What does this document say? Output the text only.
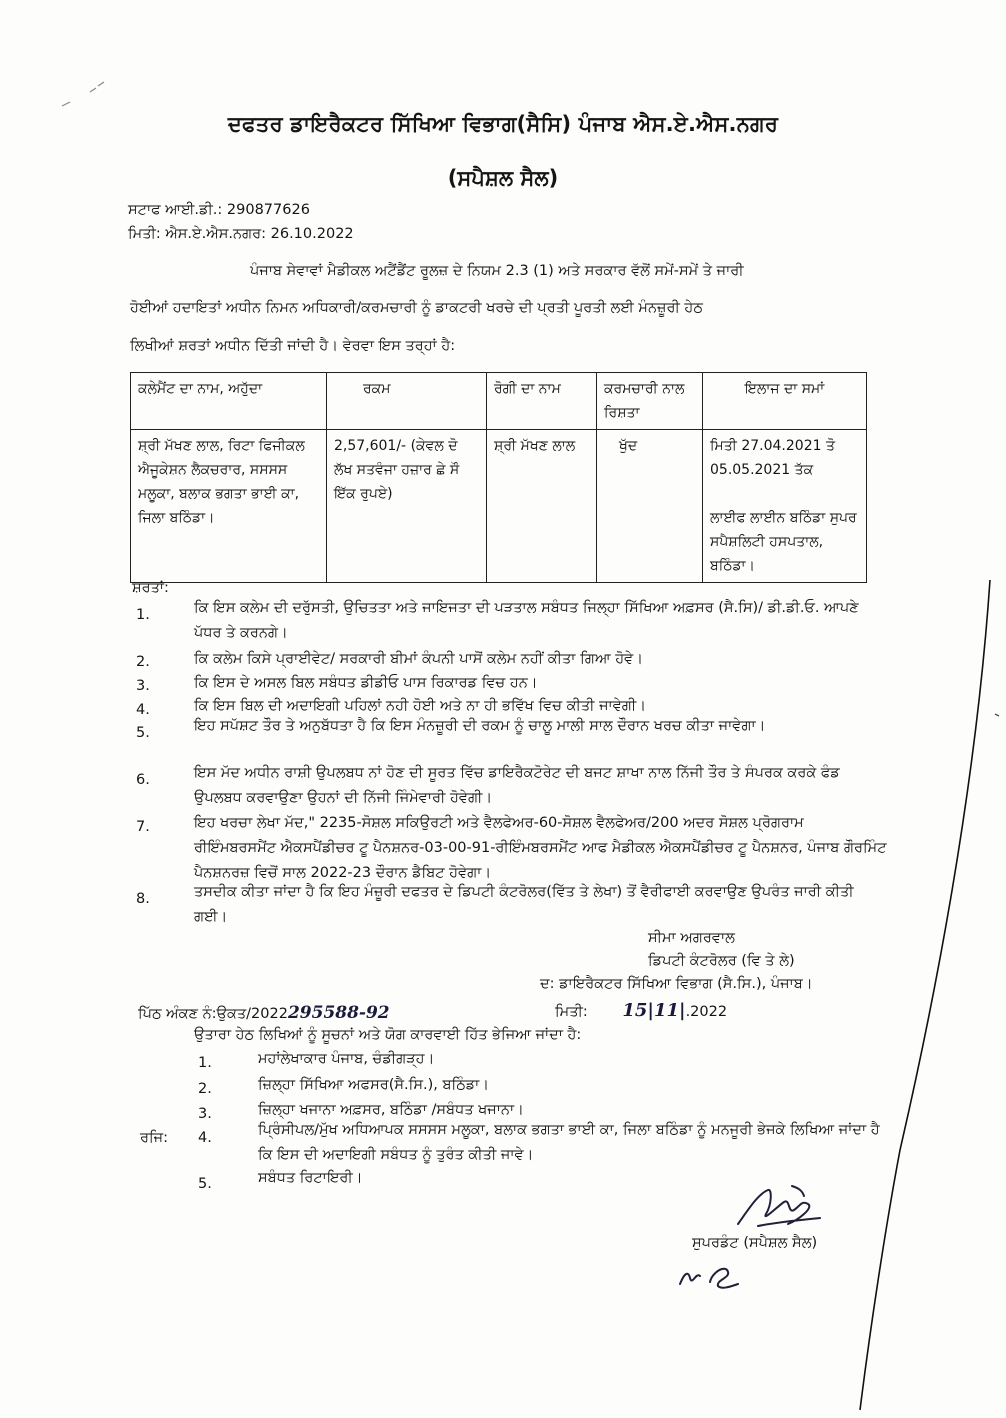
ਦਫਤਰ ਡਾਇਰੈਕਟਰ ਸਿੱਖਿਆ ਵਿਭਾਗ(ਸੈਸਿ) ਪੰਜਾਬ ਐਸ.ਏ.ਐਸ.ਨਗਰ
(ਸਪੈਸ਼ਲ ਸੈਲ)
ਸਟਾਫ ਆਈ.ਡੀ.: 290877626
ਮਿਤੀ: ਐਸ.ਏ.ਐਸ.ਨਗਰ: 26.10.2022
ਪੰਜਾਬ ਸੇਵਾਵਾਂ ਮੈਡੀਕਲ ਅਟੈਂਡੈਂਟ ਰੂਲਜ਼ ਦੇ ਨਿਯਮ 2.3 (1) ਅਤੇ ਸਰਕਾਰ ਵੱਲੋਂ ਸਮੇਂ-ਸਮੇਂ ਤੇ ਜਾਰੀ
ਹੋਈਆਂ ਹਦਾਇਤਾਂ ਅਧੀਨ ਨਿਮਨ ਅਧਿਕਾਰੀ/ਕਰਮਚਾਰੀ ਨੂੰ ਡਾਕਟਰੀ ਖਰਚੇ ਦੀ ਪ੍ਰਤੀ ਪੂਰਤੀ ਲਈ ਮੰਨਜ਼ੂਰੀ ਹੇਠ
ਲਿਖੀਆਂ ਸ਼ਰਤਾਂ ਅਧੀਨ ਦਿੱਤੀ ਜਾਂਦੀ ਹੈ। ਵੇਰਵਾ ਇਸ ਤਰ੍ਹਾਂ ਹੈ:
ਕਲੇਮੈਂਟ ਦਾ ਨਾਮ, ਅਹੁੱਦਾ	ਰਕਮ	ਰੋਗੀ ਦਾ ਨਾਮ	ਕਰਮਚਾਰੀ ਨਾਲ ਰਿਸ਼ਤਾ	ਇਲਾਜ ਦਾ ਸਮਾਂ
ਸ਼੍ਰੀ ਮੱਖਣ ਲਾਲ, ਰਿਟਾ ਫਿਜੀਕਲ ਐਜੂਕੇਸ਼ਨ ਲੈਕਚਰਾਰ, ਸਸਸਸ ਮਲੂਕਾ, ਬਲਾਕ ਭਗਤਾ ਭਾਈ ਕਾ, ਜਿਲਾ ਬਠਿੰਡਾ।	2,57,601/- (ਕੇਵਲ ਦੋ ਲੱਖ ਸਤਵੰਜਾ ਹਜ਼ਾਰ ਛੇ ਸੌ ਇੱਕ ਰੁਪਏ)	ਸ਼੍ਰੀ ਮੱਖਣ ਲਾਲ	ਖੁੱਦ	ਮਿਤੀ 27.04.2021 ਤੋ 05.05.2021 ਤੱਕ
ਲਾਈਫ ਲਾਈਨ ਬਠਿੰਡਾ ਸੁਪਰ ਸਪੈਸ਼ਲਿਟੀ ਹਸਪਤਾਲ, ਬਠਿੰਡਾ।
ਸ਼ਰਤਾਂ:
1.	ਕਿ ਇਸ ਕਲੇਮ ਦੀ ਦਰੁੱਸਤੀ, ਉਚਿਤਤਾ ਅਤੇ ਜਾਇਜਤਾ ਦੀ ਪੜਤਾਲ ਸਬੰਧਤ ਜਿਲ੍ਹਾ ਸਿੱਖਿਆ ਅਫ਼ਸਰ (ਸੈ.ਸਿ)/ ਡੀ.ਡੀ.ਓ. ਆਪਣੇ ਪੱਧਰ ਤੇ ਕਰਨਗੇ।
2.	ਕਿ ਕਲੇਮ ਕਿਸੇ ਪ੍ਰਾਈਵੇਟ/ ਸਰਕਾਰੀ ਬੀਮਾਂ ਕੰਪਨੀ ਪਾਸੋਂ ਕਲੇਮ ਨਹੀਂ ਕੀਤਾ ਗਿਆ ਹੋਵੇ।
3.	ਕਿ ਇਸ ਦੇ ਅਸਲ ਬਿਲ ਸਬੰਧਤ ਡੀਡੀਓ ਪਾਸ ਰਿਕਾਰਡ ਵਿਚ ਹਨ।
4.	ਕਿ ਇਸ ਬਿਲ ਦੀ ਅਦਾਇਗੀ ਪਹਿਲਾਂ ਨਹੀ ਹੋਈ ਅਤੇ ਨਾ ਹੀ ਭਵਿੱਖ ਵਿਚ ਕੀਤੀ ਜਾਵੇਗੀ।
5.	ਇਹ ਸਪੱਸ਼ਟ ਤੌਰ ਤੇ ਅਨੁਬੱਧਤਾ ਹੈ ਕਿ ਇਸ ਮੰਨਜ਼ੂਰੀ ਦੀ ਰਕਮ ਨੂੰ ਚਾਲੂ ਮਾਲੀ ਸਾਲ ਦੌਰਾਨ ਖਰਚ ਕੀਤਾ ਜਾਵੇਗਾ।
6.	ਇਸ ਮੱਦ ਅਧੀਨ ਰਾਸ਼ੀ ਉਪਲਬਧ ਨਾਂ ਹੋਣ ਦੀ ਸੂਰਤ ਵਿੱਚ ਡਾਇਰੈਕਟੋਰੇਟ ਦੀ ਬਜਟ ਸ਼ਾਖਾ ਨਾਲ ਨਿੱਜੀ ਤੌਰ ਤੇ ਸੰਪਰਕ ਕਰਕੇ ਫੰਡ ਉਪਲਬਧ ਕਰਵਾਉਣਾ ਉਹਨਾਂ ਦੀ ਨਿੱਜੀ ਜਿੰਮੇਵਾਰੀ ਹੋਵੇਗੀ।
7.	ਇਹ ਖਰਚਾ ਲੇਖਾ ਮੱਦ," 2235-ਸੋਸ਼ਲ ਸਕਿਉਰਟੀ ਅਤੇ ਵੈਲਫੇਅਰ-60-ਸੋਸ਼ਲ ਵੈਲਫੇਅਰ/200 ਅਦਰ ਸੋਸ਼ਲ ਪ੍ਰੋਗਰਾਮ ਰੀਇੰਮਬਰਸਮੈਂਟ ਐਕਸਪੈਂਡੀਚਰ ਟੂ ਪੈਨਸ਼ਨਰ-03-00-91-ਰੀਇੰਮਬਰਸਮੈਂਟ ਆਫ ਮੈਡੀਕਲ ਐਕਸਪੈਂਡੀਚਰ ਟੂ ਪੈਨਸ਼ਨਰ, ਪੰਜਾਬ ਗੌਰਮਿੰਟ ਪੈਨਸ਼ਨਰਜ਼ ਵਿਚੋਂ ਸਾਲ 2022-23 ਦੌਰਾਨ ਡੈਬਿਟ ਹੋਵੇਗਾ।
8.	ਤਸਦੀਕ ਕੀਤਾ ਜਾਂਦਾ ਹੈ ਕਿ ਇਹ ਮੰਜ਼ੂਰੀ ਦਫਤਰ ਦੇ ਡਿਪਟੀ ਕੰਟਰੋਲਰ(ਵਿੱਤ ਤੇ ਲੇਖਾ) ਤੋਂ ਵੈਰੀਫਾਈ ਕਰਵਾਉਣ ਉਪਰੰਤ ਜਾਰੀ ਕੀਤੀ ਗਈ।
ਸੀਮਾ ਅਗਰਵਾਲ
ਡਿਪਟੀ ਕੰਟਰੋਲਰ (ਵਿ ਤੇ ਲੇ)
ਦ: ਡਾਇਰੈਕਟਰ ਸਿੱਖਿਆ ਵਿਭਾਗ (ਸੈ.ਸਿ.), ਪੰਜਾਬ।
ਪਿੱਠ ਅੰਕਣ ਨੰ:ਉਕਤ/2022295588-92	ਮਿਤੀ: 15|11|.2022
ਉਤਾਰਾ ਹੇਠ ਲਿਖਿਆਂ ਨੂੰ ਸੂਚਨਾਂ ਅਤੇ ਯੋਗ ਕਾਰਵਾਈ ਹਿੱਤ ਭੇਜਿਆ ਜਾਂਦਾ ਹੈ:
1.	ਮਹਾਂਲੇਖਾਕਾਰ ਪੰਜਾਬ, ਚੰਡੀਗੜ੍ਹ।
2.	ਜ਼ਿਲ੍ਹਾ ਸਿੱਖਿਆ ਅਫਸਰ(ਸੈ.ਸਿ.), ਬਠਿੰਡਾ।
3.	ਜ਼ਿਲ੍ਹਾ ਖਜਾਨਾ ਅਫ਼ਸਰ, ਬਠਿੰਡਾ /ਸਬੰਧਤ ਖਜਾਨਾ।
ਰਜਿ: 4.	ਪ੍ਰਿੰਸੀਪਲ/ਮੁੱਖ ਅਧਿਆਪਕ ਸਸਸਸ ਮਲੂਕਾ, ਬਲਾਕ ਭਗਤਾ ਭਾਈ ਕਾ, ਜਿਲਾ ਬਠਿੰਡਾ ਨੂੰ ਮਨਜੂਰੀ ਭੇਜਕੇ ਲਿਖਿਆ ਜਾਂਦਾ ਹੈ ਕਿ ਇਸ ਦੀ ਅਦਾਇਗੀ ਸਬੰਧਤ ਨੂੰ ਤੁਰੰਤ ਕੀਤੀ ਜਾਵੇ।
5.	ਸਬੰਧਤ ਰਿਟਾਇਰੀ।
ਸੁਪਰਡੰਟ (ਸਪੈਸ਼ਲ ਸੈਲ)
